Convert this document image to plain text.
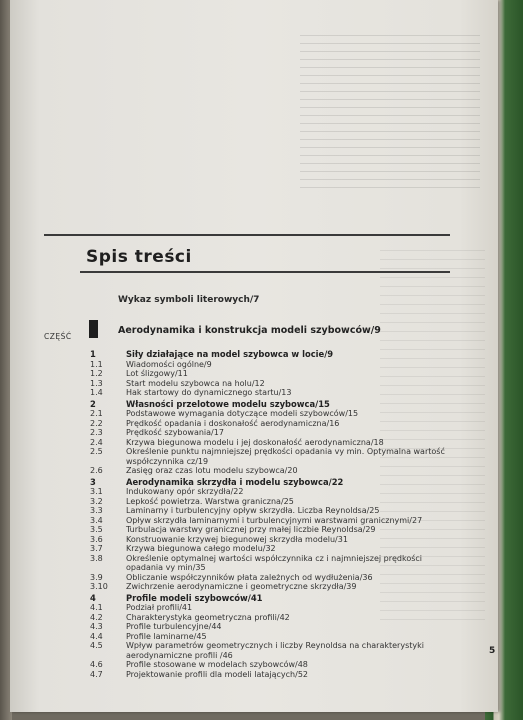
Spis treści
Wykaz symboli literowych/7
CZĘŚĆ
Aerodynamika i konstrukcja modeli szybowców/9
1	Siły działające na model szybowca w locie/9
1.1	Wiadomości ogólne/9
1.2	Lot ślizgowy/11
1.3	Start modelu szybowca na holu/12
1.4	Hak startowy do dynamicznego startu/13
2	Własności przelotowe modelu szybowca/15
2.1	Podstawowe wymagania dotyczące modeli szybowców/15
2.2	Prędkość opadania i doskonałość aerodynamiczna/16
2.3	Prędkość szybowania/17
2.4	Krzywa biegunowa modelu i jej doskonałość aerodynamiczna/18
2.5	Określenie punktu najmniejszej prędkości opadania vy min. Optymalna wartość
współczynnika cz/19
2.6	Zasięg oraz czas lotu modelu szybowca/20
3	Aerodynamika skrzydła i modelu szybowca/22
3.1	Indukowany opór skrzydła/22
3.2	Lepkość powietrza. Warstwa graniczna/25
3.3	Laminarny i turbulencyjny opływ skrzydła. Liczba Reynoldsa/25
3.4	Opływ skrzydła laminarnymi i turbulencyjnymi warstwami granicznymi/27
3.5	Turbulacja warstwy granicznej przy małej liczbie Reynoldsa/29
3.6	Konstruowanie krzywej biegunowej skrzydła modelu/31
3.7	Krzywa biegunowa całego modelu/32
3.8	Określenie optymalnej wartości współczynnika cz i najmniejszej prędkości
opadania vy min/35
3.9	Obliczanie współczynników płata zależnych od wydłużenia/36
3.10	Zwichrzenie aerodynamiczne i geometryczne skrzydła/39
4	Profile modeli szybowców/41
4.1	Podział profili/41
4.2	Charakterystyka geometryczna profili/42
4.3	Profile turbulencyjne/44
4.4	Profile laminarne/45
4.5	Wpływ parametrów geometrycznych i liczby Reynoldsa na charakterystyki
aerodynamiczne profili /46
4.6	Profile stosowane w modelach szybowców/48
4.7	Projektowanie profili dla modeli latających/52
5
